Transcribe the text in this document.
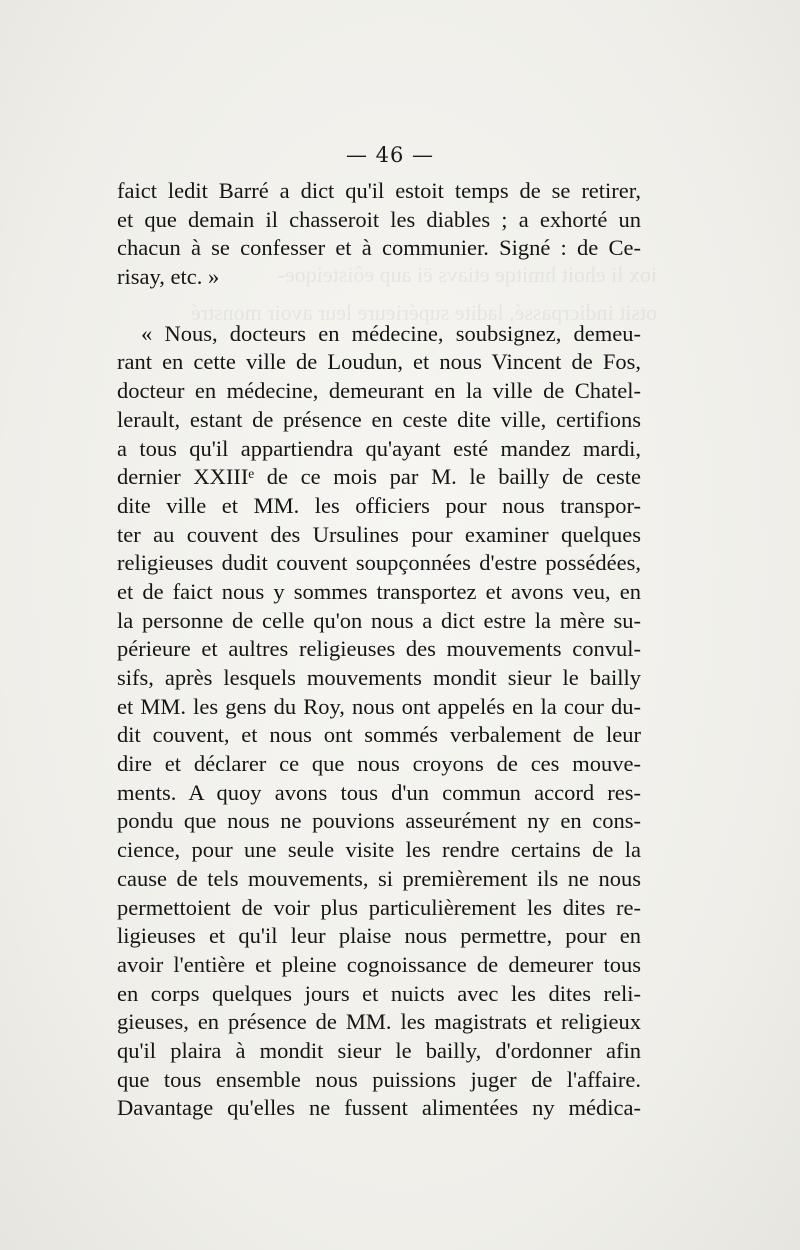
iox li ehoit hmitqe etiavs ëi aup eôisteiqoe-
otsit indicrpassé, ladite supérieure leur avoir monstré
— 46 —
faict ledit Barré a dict qu'il estoit temps de se retirer,
et que demain il chasseroit les diables ; a exhorté un
chacun à se confesser et à communier. Signé : de Ce-
risay, etc. »
« Nous, docteurs en médecine, soubsignez, demeu-
rant en cette ville de Loudun, et nous Vincent de Fos,
docteur en médecine, demeurant en la ville de Chatel-
lerault, estant de présence en ceste dite ville, certifions
a tous qu'il appartiendra qu'ayant esté mandez mardi,
dernier XXIIIᵉ de ce mois par M. le bailly de ceste
dite ville et MM. les officiers pour nous transpor-
ter au couvent des Ursulines pour examiner quelques
religieuses dudit couvent soupçonnées d'estre possédées,
et de faict nous y sommes transportez et avons veu, en
la personne de celle qu'on nous a dict estre la mère su-
périeure et aultres religieuses des mouvements convul-
sifs, après lesquels mouvements mondit sieur le bailly
et MM. les gens du Roy, nous ont appelés en la cour du-
dit couvent, et nous ont sommés verbalement de leur
dire et déclarer ce que nous croyons de ces mouve-
ments. A quoy avons tous d'un commun accord res-
pondu que nous ne pouvions asseurément ny en cons-
cience, pour une seule visite les rendre certains de la
cause de tels mouvements, si premièrement ils ne nous
permettoient de voir plus particulièrement les dites re-
ligieuses et qu'il leur plaise nous permettre, pour en
avoir l'entière et pleine cognoissance de demeurer tous
en corps quelques jours et nuicts avec les dites reli-
gieuses, en présence de MM. les magistrats et religieux
qu'il plaira à mondit sieur le bailly, d'ordonner afin
que tous ensemble nous puissions juger de l'affaire.
Davantage qu'elles ne fussent alimentées ny médica-
